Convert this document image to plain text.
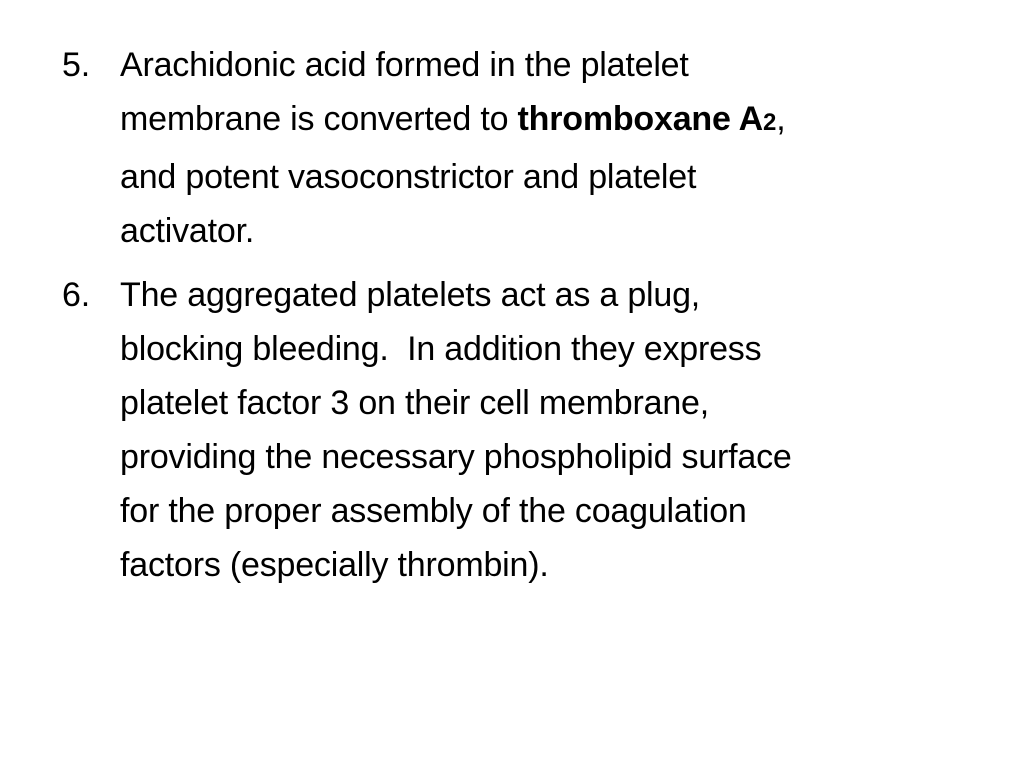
5. Arachidonic acid formed in the platelet
membrane is converted to thromboxane A2,
and potent vasoconstrictor and platelet
activator.
6. The aggregated platelets act as a plug,
blocking bleeding.  In addition they express
platelet factor 3 on their cell membrane,
providing the necessary phospholipid surface
for the proper assembly of the coagulation
factors (especially thrombin).
